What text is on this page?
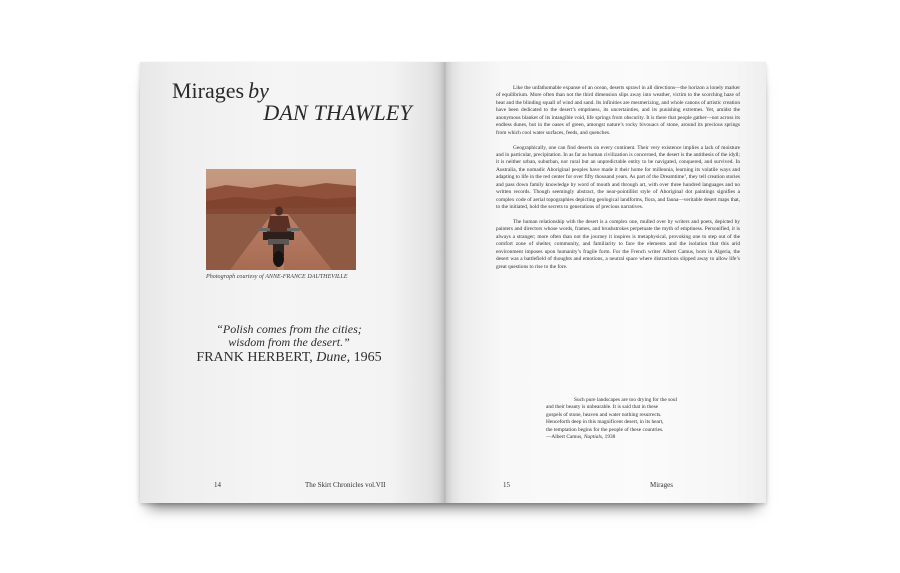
Mirages by
DAN THAWLEY
Photograph courtesy of ANNE-FRANCE DAUTHEVILLE
“Polish comes from the cities;
wisdom from the desert.”
FRANK HERBERT, Dune, 1965
14	The Skirt Chronicles vol.VII

Like the unfathomable expanse of an ocean, deserts sprawl in all directions—the horizon a lonely marker of equilibrium. More often than not the third dimension slips away into weather, victim to the scorching haze of heat and the blinding squall of wind and sand. Its infinities are mesmerizing, and whole canons of artistic creation have been dedicated to the desert’s emptiness, its uncertainties, and its punishing extremes. Yet, amidst the anonymous blanket of its intangible void, life springs from obscurity. It is there that people gather—not across its endless dunes, but in the oases of green, amongst nature’s rocky bivouacs of stone, around its precious springs from which cool water surfaces, feeds, and quenches.

Geographically, one can find deserts on every continent. Their very existence implies a lack of moisture and in particular, precipitation. In as far as human civilization is concerned, the desert is the antithesis of the idyll; it is neither urban, suburban, nor rural but an unpredictable entity to be navigated, conquered, and survived. In Australia, the nomadic Aboriginal peoples have made it their home for millennia, learning its volatile ways and adapting to life in the red center for over fifty thousand years. As part of the Dreamtime$^1$, they tell creation stories and pass down family knowledge by word of mouth and through art, with over three hundred languages and no written records. Though seemingly abstract, the near-pointillist style of Aboriginal dot paintings signifies a complex code of aerial topographies depicting geological landforms, flora, and fauna—veritable desert maps that, to the initiated, hold the secrets to generations of precious narratives.

The human relationship with the desert is a complex one, mulled over by writers and poets, depicted by painters and directors whose words, frames, and brushstrokes perpetuate the myth of emptiness. Personified, it is always a stranger; more often than not the journey it inspires is metaphysical, provoking one to step out of the comfort zone of shelter, community, and familiarity to face the elements and the isolation that this arid environment imposes upon humanity’s fragile form. For the French writer Albert Camus, born in Algeria, the desert was a battlefield of thoughts and emotions, a neutral space where distractions slipped away to allow life’s great questions to rise to the fore.

Such pure landscapes are too drying for the soul
and their beauty is unbearable. It is said that in these
gospels of stone, heaven and water nothing resurrects.
Henceforth deep in this magnificent desert, in its heart,
the temptation begins for the people of these countries.
—Albert Camus, Nuptials, 1938
15	Mirages
